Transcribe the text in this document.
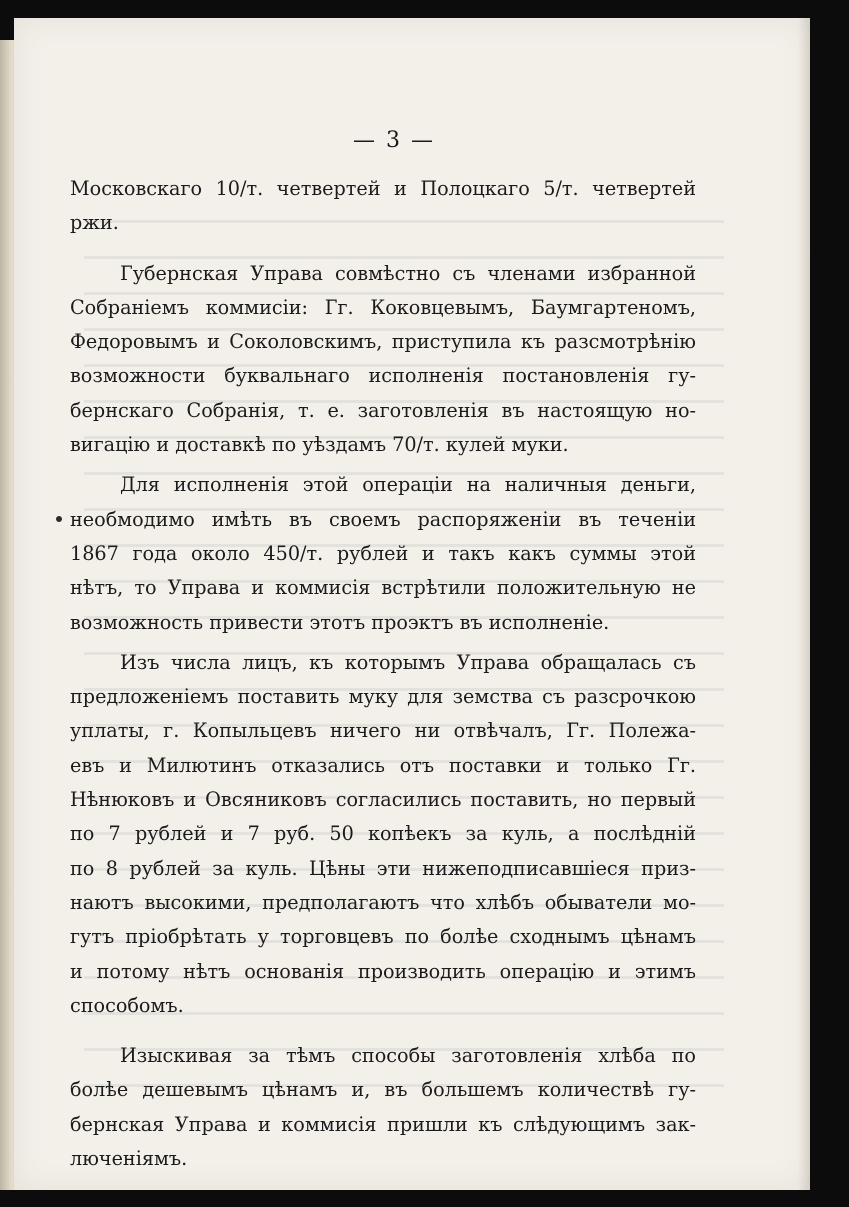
— 3 —
Московскаго 10/т. четвертей и Полоцкаго 5/т. четвертей
ржи.
Губернская Управа совмѣстно съ членами избранной
Собраніемъ коммисіи: Гг. Коковцевымъ, Баумгартеномъ,
Федоровымъ и Соколовскимъ, приступила къ разсмотрѣнію
возможности буквальнаго исполненія постановленія гу-
бернскаго Собранія, т. е. заготовленія въ настоящую но-
вигацію и доставкѣ по уѣздамъ 70/т. кулей муки.
Для исполненія этой операціи на наличныя деньги,
необмодимо имѣть въ своемъ распоряженіи въ теченіи
1867 года около 450/т. рублей и такъ какъ суммы этой
нѣтъ, то Управа и коммисія встрѣтили положительную не
возможность привести этотъ проэктъ въ исполненіе.
Изъ числа лицъ, къ которымъ Управа обращалась съ
предложеніемъ поставить муку для земства съ разсрочкою
уплаты, г. Копыльцевъ ничего ни отвѣчалъ, Гг. Полежа-
евъ и Милютинъ отказались отъ поставки и только Гг.
Нѣнюковъ и Овсяниковъ согласились поставить, но первый
по 7 рублей и 7 руб. 50 копѣекъ за куль, а послѣдній
по 8 рублей за куль. Цѣны эти нижеподписавшіеся приз-
наютъ высокими, предполагаютъ что хлѣбъ обыватели мо-
гутъ пріобрѣтать у торговцевъ по болѣе сходнымъ цѣнамъ
и потому нѣтъ основанія производить операцію и этимъ
способомъ.
Изыскивая за тѣмъ способы заготовленія хлѣба по
болѣе дешевымъ цѣнамъ и, въ большемъ количествѣ гу-
бернская Управа и коммисія пришли къ слѣдующимъ зак-
люченіямъ.
